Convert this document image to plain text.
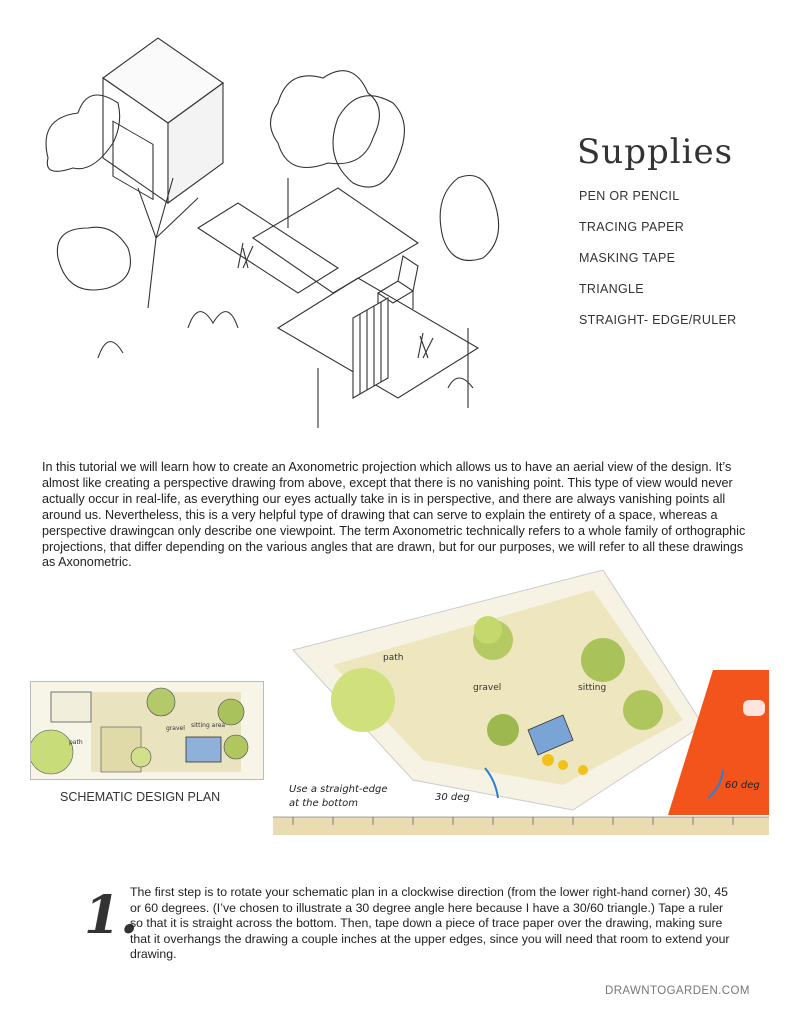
Supplies
PEN OR PENCIL
TRACING PAPER
MASKING TAPE
TRIANGLE
STRAIGHT- EDGE/RULER
In this tutorial we will learn how to create an Axonometric projection which allows us to have an aerial view of the design. It’s almost like creating a perspective drawing from above, except that there is no vanishing point. This type of view would never actually occur in real-life, as everything our eyes actually take in is in perspective, and there are always vanishing points all around us. Nevertheless, this is a very helpful type of drawing that can serve to explain the entirety of a space, whereas a perspective drawingcan only describe one viewpoint. The term Axonometric technically refers to a whole family of orthographic projections, that differ depending on the various angles that are drawn, but for our purposes, we will refer to all these drawings as Axonometric.
path
gravel sitting area
SCHEMATIC DESIGN PLAN
path
gravel	sitting
Use a straight-edge
at the bottom
30 deg
60 deg
1.
The first step is to rotate your schematic plan in a clockwise direction (from the lower right-hand corner) 30, 45 or 60 degrees. (I’ve chosen to illustrate a 30 degree angle here because I have a 30/60 triangle.) Tape a ruler so that it is straight across the bottom. Then, tape down a piece of trace paper over the drawing, making sure that it overhangs the drawing a couple inches at the upper edges, since you will need that room to extend your drawing.
DRAWNTOGARDEN.COM
